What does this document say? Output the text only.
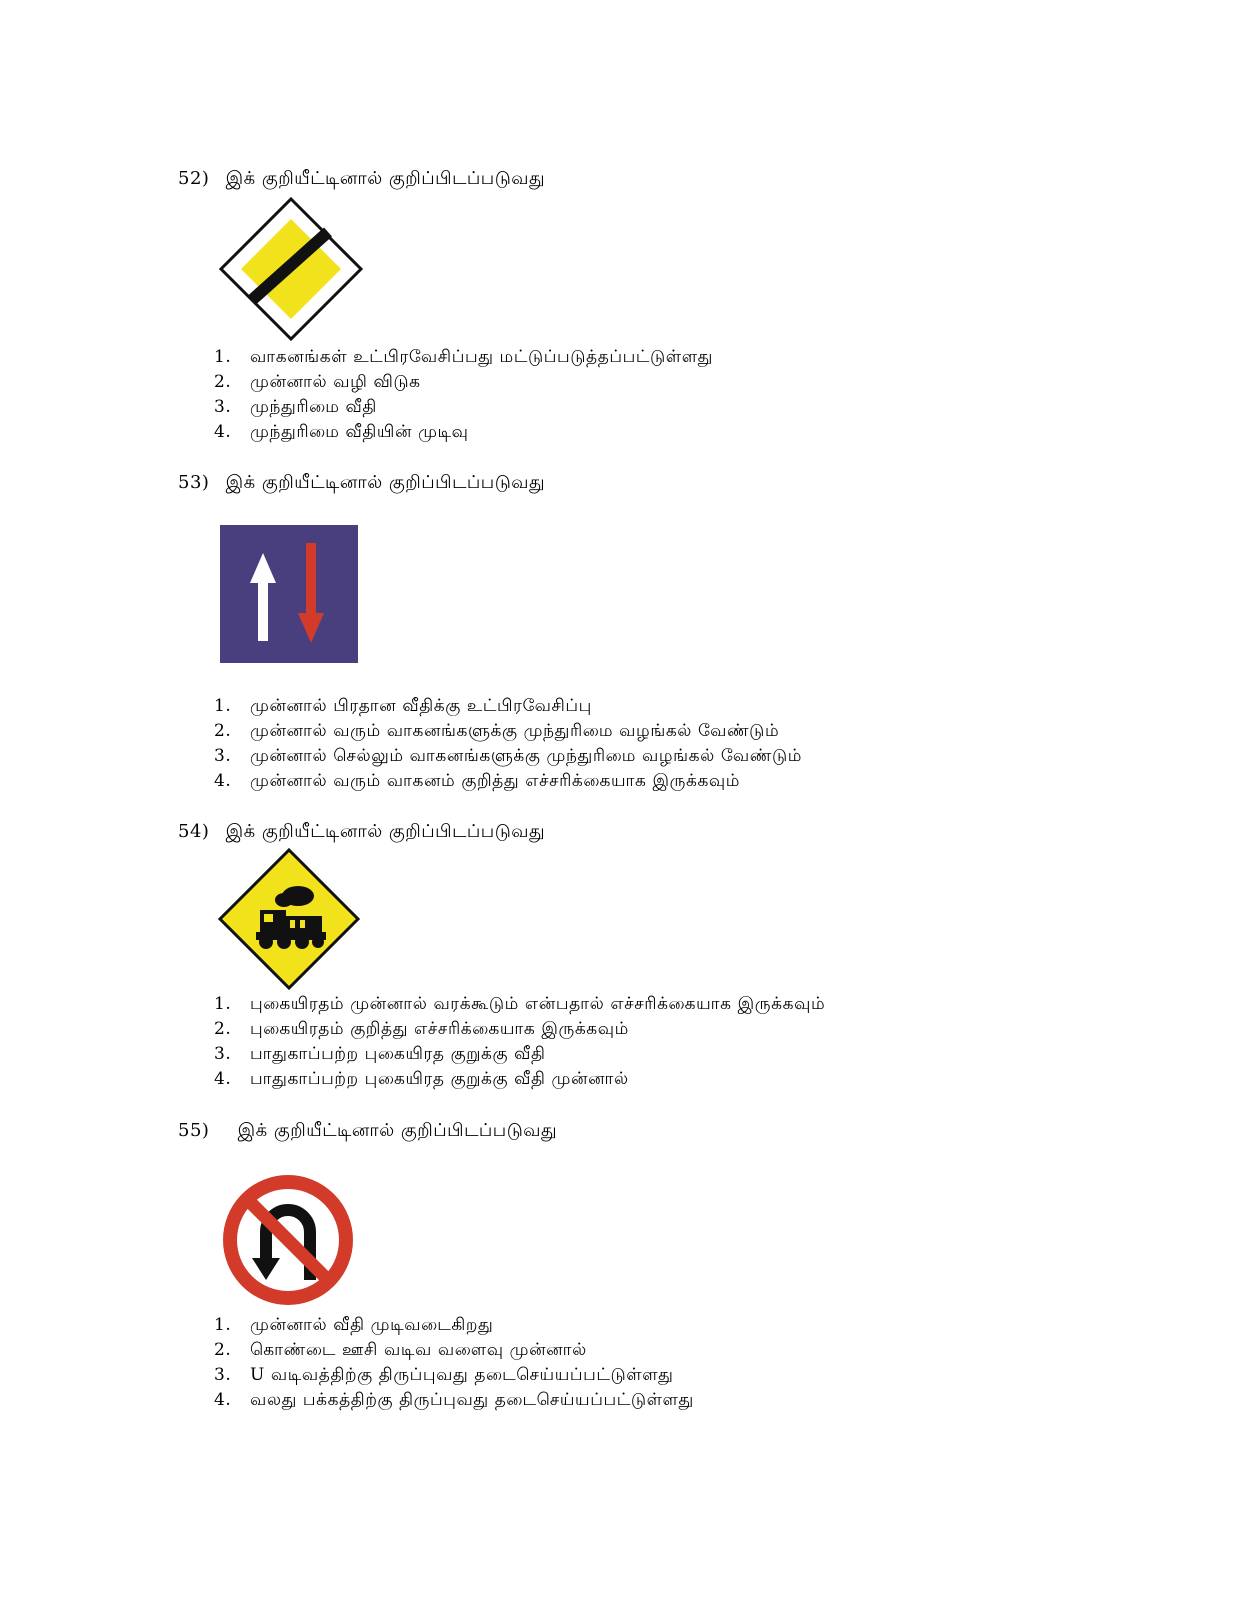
52) இக் குறியீட்டினால் குறிப்பிடப்படுவது
1. வாகனங்கள் உட்பிரவேசிப்பது மட்டுப்படுத்தப்பட்டுள்ளது
2. முன்னால் வழி விடுக
3. முந்துரிமை வீதி
4. முந்துரிமை வீதியின் முடிவு
53) இக் குறியீட்டினால் குறிப்பிடப்படுவது
1. முன்னால் பிரதான வீதிக்கு உட்பிரவேசிப்பு
2. முன்னால் வரும் வாகனங்களுக்கு முந்துரிமை வழங்கல் வேண்டும்
3. முன்னால் செல்லும் வாகனங்களுக்கு முந்துரிமை வழங்கல் வேண்டும்
4. முன்னால் வரும் வாகனம் குறித்து எச்சரிக்கையாக இருக்கவும்
54) இக் குறியீட்டினால் குறிப்பிடப்படுவது
1. புகையிரதம் முன்னால் வரக்கூடும் என்பதால் எச்சரிக்கையாக இருக்கவும்
2. புகையிரதம் குறித்து எச்சரிக்கையாக இருக்கவும்
3. பாதுகாப்பற்ற புகையிரத குறுக்கு வீதி
4. பாதுகாப்பற்ற புகையிரத குறுக்கு வீதி முன்னால்
55) இக் குறியீட்டினால் குறிப்பிடப்படுவது
1. முன்னால் வீதி முடிவடைகிறது
2. கொண்டை ஊசி வடிவ வளைவு முன்னால்
3. U வடிவத்திற்கு திருப்புவது தடைசெய்யப்பட்டுள்ளது
4. வலது பக்கத்திற்கு திருப்புவது தடைசெய்யப்பட்டுள்ளது
